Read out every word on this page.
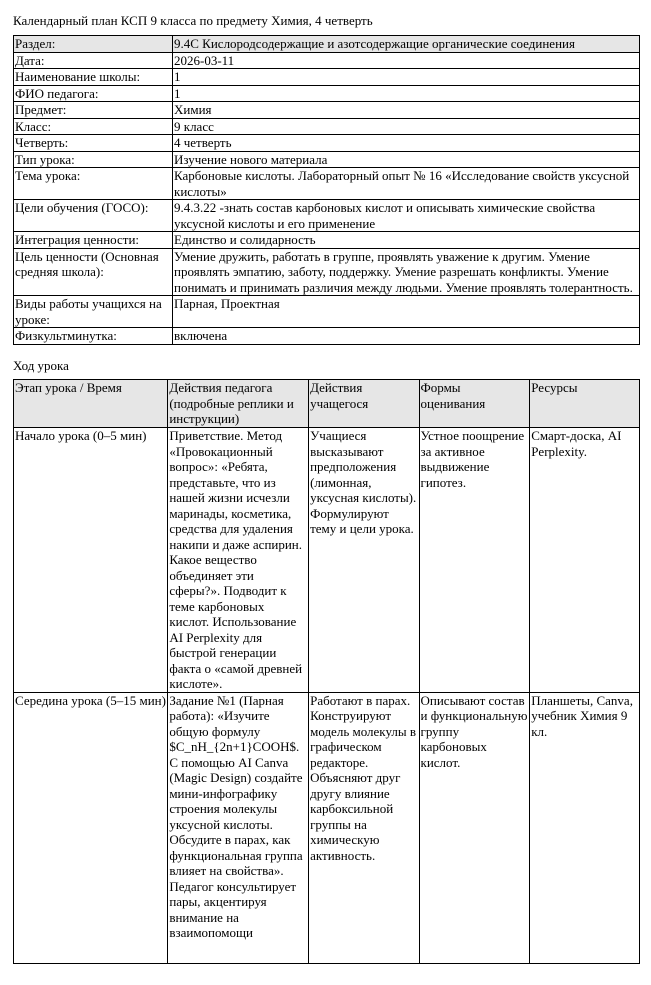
Календарный план КСП 9 класса по предмету Химия, 4 четверть
Раздел:	9.4С Кислородсодержащие и азотсодержащие органические соединения
Дата:	2026-03-11
Наименование школы:	1
ФИО педагога:	1
Предмет:	Химия
Класс:	9 класс
Четверть:	4 четверть
Тип урока:	Изучение нового материала
Тема урока:	Карбоновые кислоты. Лабораторный опыт № 16 «Исследование свойств уксусной кислоты»
Цели обучения (ГОСО):	9.4.3.22 -знать состав карбоновых кислот и описывать химические свойства уксусной кислоты и его применение
Интеграция ценности:	Единство и солидарность
Цель ценности (Основная средняя школа):	Умение дружить, работать в группе, проявлять уважение к другим. Умение проявлять эмпатию, заботу, поддержку. Умение разрешать конфликты. Умение понимать и принимать различия между людьми. Умение проявлять толерантность.
Виды работы учащихся на уроке:	Парная, Проектная
Физкультминутка:	включена
Ход урока
Этап урока / Время	Действия педагога (подробные реплики и инструкции)	Действия учащегося	Формы оценивания	Ресурсы
Начало урока (0–5 мин)	Приветствие. Метод «Провокационный вопрос»: «Ребята, представьте, что из нашей жизни исчезли маринады, косметика, средства для удаления накипи и даже аспирин. Какое вещество объединяет эти сферы?». Подводит к теме карбоновых кислот. Использование AI Perplexity для быстрой генерации факта о «самой древней кислоте».	Учащиеся высказывают предположения (лимонная, уксусная кислоты). Формулируют тему и цели урока.	Устное поощрение за активное выдвижение гипотез.	Смарт-доска, AI Perplexity.

Середина урока (5–15 мин)	Задание №1 (Парная работа): «Изучите общую формулу $C_nH_{2n+1}COOH$. С помощью AI Canva (Magic Design) создайте мини-инфографику строения молекулы уксусной кислоты. Обсудите в парах, как функциональная группа влияет на свойства». Педагог консультирует пары, акцентируя внимание на взаимопомощи	Работают в парах. Конструируют модель молекулы в графическом редакторе. Объясняют друг другу влияние карбоксильной группы на химическую активность.	Описывают состав и функциональную группу карбоновых кислот.	Планшеты, Canva, учебник Химия 9 кл.
